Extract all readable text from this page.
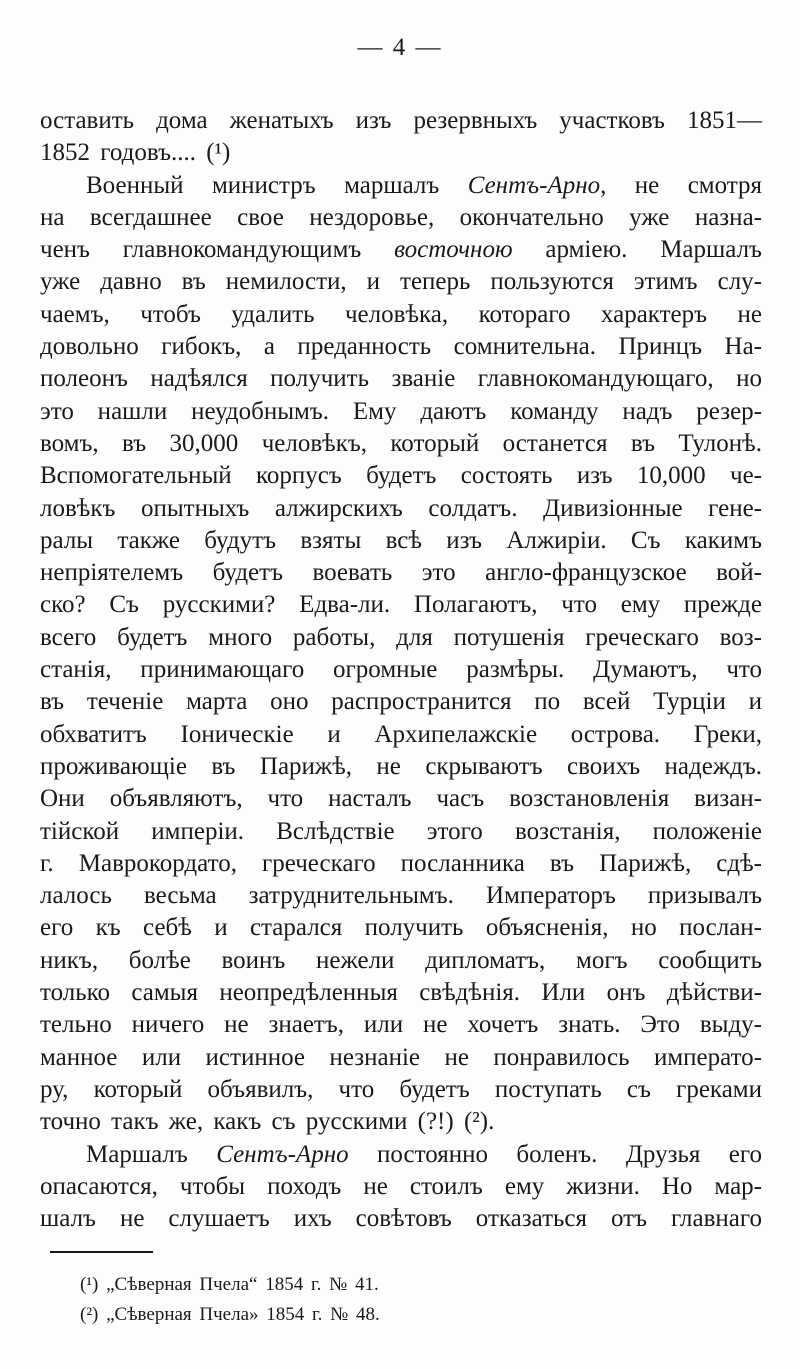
— 4 —
оставить дома женатыхъ изъ резервныхъ участковъ 1851—
1852 годовъ.... (¹)
Военный министръ маршалъ Сентъ-Арно, не смотря
на всегдашнее свое нездоровье, окончательно уже назна-
ченъ главнокомандующимъ восточною арміею. Маршалъ
уже давно въ немилости, и теперь пользуются этимъ слу-
чаемъ, чтобъ удалить человѣка, котораго характеръ не
довольно гибокъ, а преданность сомнительна. Принцъ На-
полеонъ надѣялся получить званіе главнокомандующаго, но
это нашли неудобнымъ. Ему даютъ команду надъ резер-
вомъ, въ 30,000 человѣкъ, который останется въ Тулонѣ.
Вспомогательный корпусъ будетъ состоять изъ 10,000 че-
ловѣкъ опытныхъ алжирскихъ солдатъ. Дивизіонные гене-
ралы также будутъ взяты всѣ изъ Алжиріи. Съ какимъ
непріятелемъ будетъ воевать это англо-французское вой-
ско? Съ русскими? Едва-ли. Полагаютъ, что ему прежде
всего будетъ много работы, для потушенія греческаго воз-
станія, принимающаго огромные размѣры. Думаютъ, что
въ теченіе марта оно распространится по всей Турціи и
обхватитъ Іоническіе и Архипелажскіе острова. Греки,
проживающіе въ Парижѣ, не скрываютъ своихъ надеждъ.
Они объявляютъ, что насталъ часъ возстановленія визан-
тійской имперіи. Вслѣдствіе этого возстанія, положеніе
г. Маврокордато, греческаго посланника въ Парижѣ, сдѣ-
лалось весьма затруднительнымъ. Императоръ призывалъ
его къ себѣ и старался получить объясненія, но послан-
никъ, болѣе воинъ нежели дипломатъ, могъ сообщить
только самыя неопредѣленныя свѣдѣнія. Или онъ дѣйстви-
тельно ничего не знаетъ, или не хочетъ знать. Это выду-
манное или истинное незнаніе не понравилось императо-
ру, который объявилъ, что будетъ поступать съ греками
точно такъ же, какъ съ русскими (?!) (²).
Маршалъ Сентъ-Арно постоянно боленъ. Друзья его
опасаются, чтобы походъ не стоилъ ему жизни. Но мар-
шалъ не слушаетъ ихъ совѣтовъ отказаться отъ главнаго
(¹) „Сѣверная Пчела“ 1854 г. № 41.
(²) „Сѣверная Пчела» 1854 г. № 48.
